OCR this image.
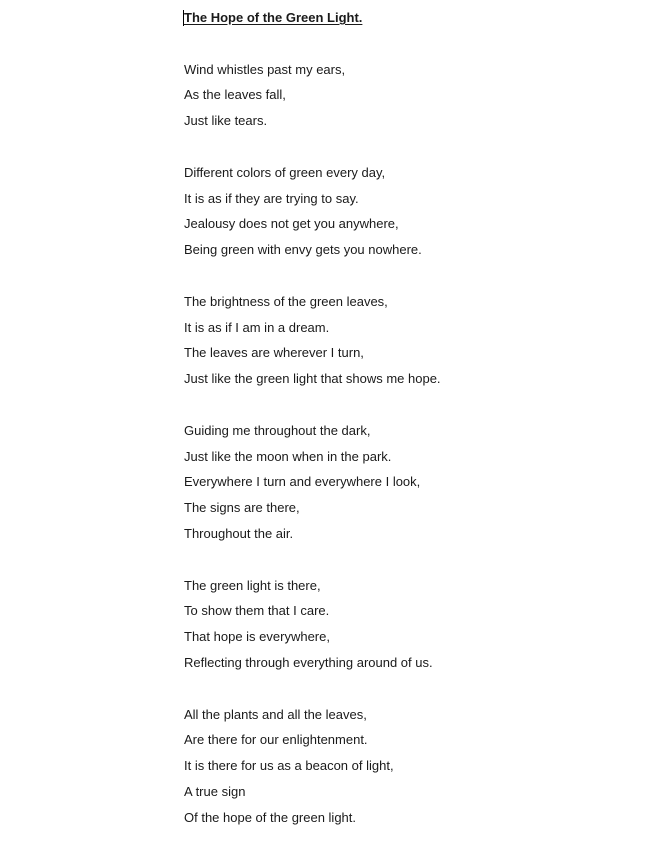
The Hope of the Green Light.
Wind whistles past my ears,
As the leaves fall,
Just like tears.
Different colors of green every day,
It is as if they are trying to say.
Jealousy does not get you anywhere,
Being green with envy gets you nowhere.
The brightness of the green leaves,
It is as if I am in a dream.
The leaves are wherever I turn,
Just like the green light that shows me hope.
Guiding me throughout the dark,
Just like the moon when in the park.
Everywhere I turn and everywhere I look,
The signs are there,
Throughout the air.
The green light is there,
To show them that I care.
That hope is everywhere,
Reflecting through everything around of us.
All the plants and all the leaves,
Are there for our enlightenment.
It is there for us as a beacon of light,
A true sign
Of the hope of the green light.
